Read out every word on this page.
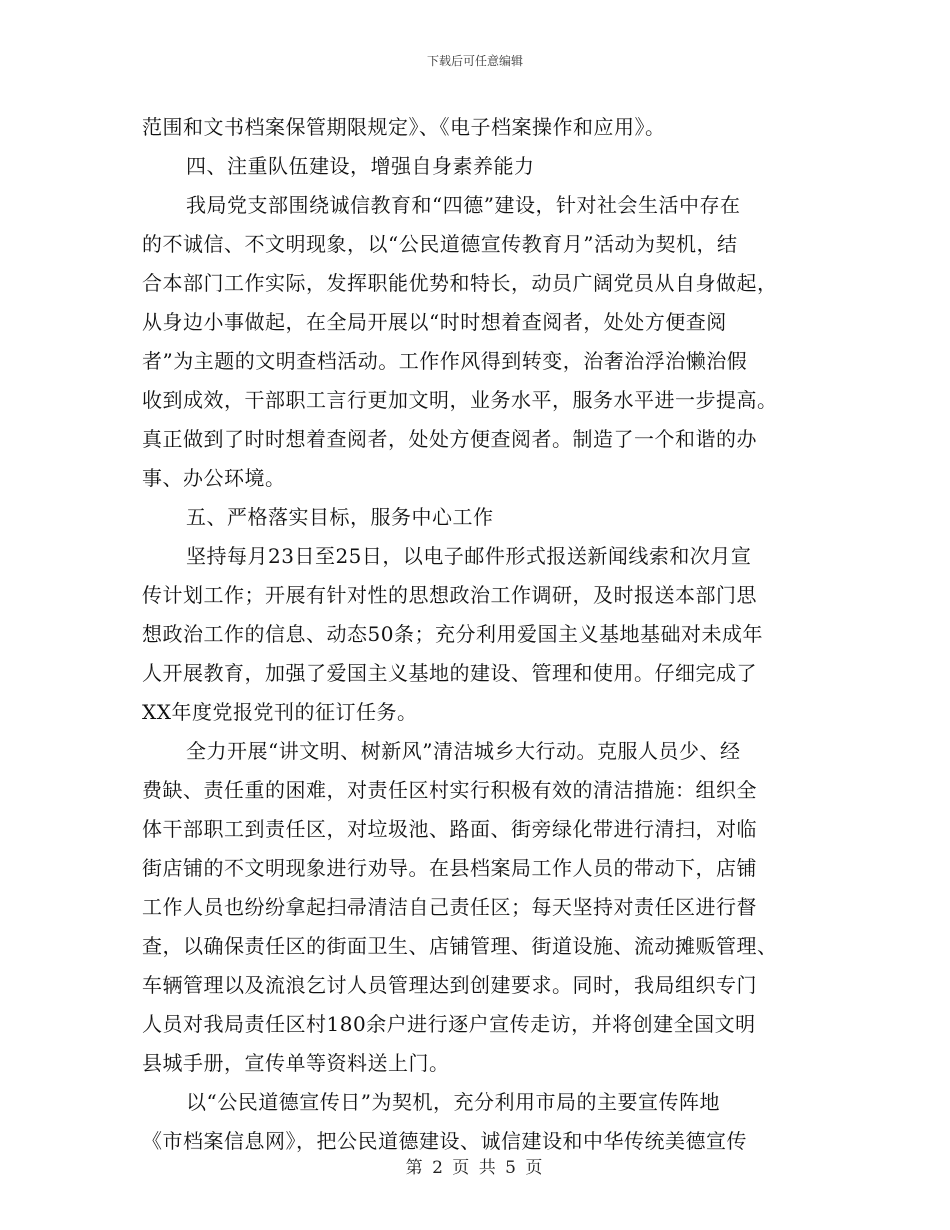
下载后可任意编辑
范围和文书档案保管期限规定》、《电子档案操作和应用》。
四、注重队伍建设，增强自身素养能力
我局党支部围绕诚信教育和“四德”建设，针对社会生活中存在
的不诚信、不文明现象，以“公民道德宣传教育月”活动为契机，结
合本部门工作实际，发挥职能优势和特长，动员广阔党员从自身做起，
从身边小事做起，在全局开展以“时时想着查阅者，处处方便查阅
者”为主题的文明查档活动。工作作风得到转变，治奢治浮治懒治假
收到成效，干部职工言行更加文明，业务水平，服务水平进一步提高。
真正做到了时时想着查阅者，处处方便查阅者。制造了一个和谐的办
事、办公环境。
五、严格落实目标，服务中心工作
坚持每月23日至25日，以电子邮件形式报送新闻线索和次月宣
传计划工作；开展有针对性的思想政治工作调研，及时报送本部门思
想政治工作的信息、动态50条；充分利用爱国主义基地基础对未成年
人开展教育，加强了爱国主义基地的建设、管理和使用。仔细完成了
XX年度党报党刊的征订任务。
全力开展“讲文明、树新风”清洁城乡大行动。克服人员少、经
费缺、责任重的困难，对责任区村实行积极有效的清洁措施：组织全
体干部职工到责任区，对垃圾池、路面、街旁绿化带进行清扫，对临
街店铺的不文明现象进行劝导。在县档案局工作人员的带动下，店铺
工作人员也纷纷拿起扫帚清洁自己责任区；每天坚持对责任区进行督
查，以确保责任区的街面卫生、店铺管理、街道设施、流动摊贩管理、
车辆管理以及流浪乞讨人员管理达到创建要求。同时，我局组织专门
人员对我局责任区村180余户进行逐户宣传走访，并将创建全国文明
县城手册，宣传单等资料送上门。
以“公民道德宣传日”为契机，充分利用市局的主要宣传阵地
《市档案信息网》，把公民道德建设、诚信建设和中华传统美德宣传
第 2 页 共 5 页
